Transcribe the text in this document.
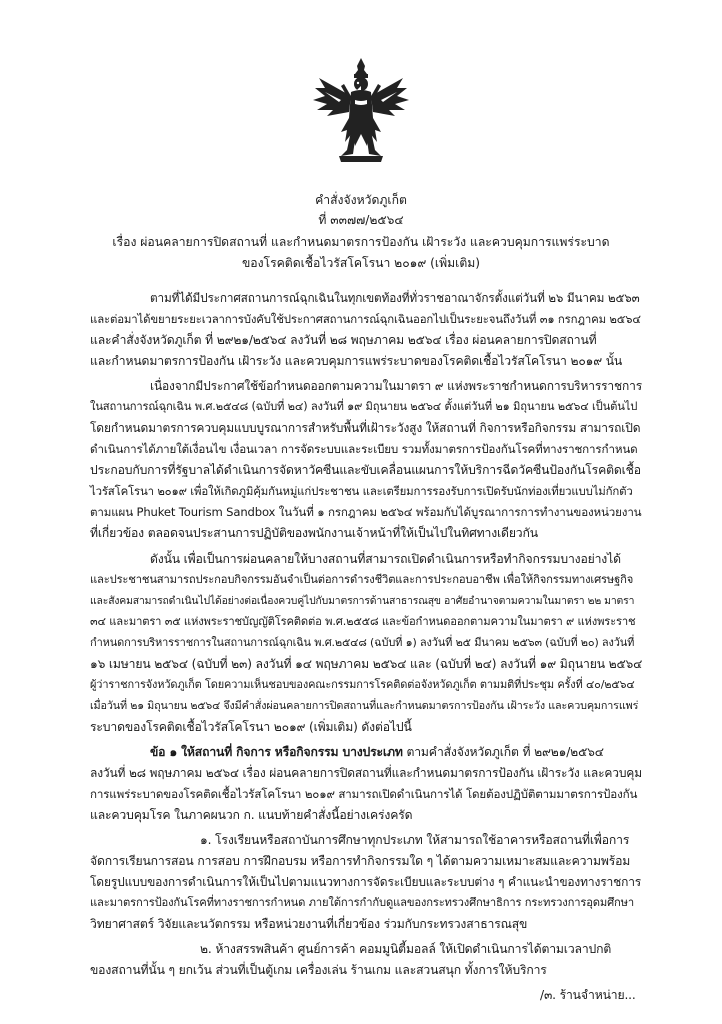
คำสั่งจังหวัดภูเก็ต
ที่ ๓๓๗๗/๒๕๖๔
เรื่อง ผ่อนคลายการปิดสถานที่ และกำหนดมาตรการป้องกัน เฝ้าระวัง และควบคุมการแพร่ระบาด
ของโรคติดเชื้อไวรัสโคโรนา ๒๐๑๙ (เพิ่มเติม)
ตามที่ได้มีประกาศสถานการณ์ฉุกเฉินในทุกเขตท้องที่ทั่วราชอาณาจักรตั้งแต่วันที่ ๒๖ มีนาคม ๒๕๖๓
และต่อมาได้ขยายระยะเวลาการบังคับใช้ประกาศสถานการณ์ฉุกเฉินออกไปเป็นระยะจนถึงวันที่ ๓๑ กรกฎาคม ๒๕๖๔
และคำสั่งจังหวัดภูเก็ต ที่ ๒๙๒๑/๒๕๖๔ ลงวันที่ ๒๘ พฤษภาคม ๒๕๖๔ เรื่อง ผ่อนคลายการปิดสถานที่
และกำหนดมาตรการป้องกัน เฝ้าระวัง และควบคุมการแพร่ระบาดของโรคติดเชื้อไวรัสโคโรนา ๒๐๑๙ นั้น
เนื่องจากมีประกาศใช้ข้อกำหนดออกตามความในมาตรา ๙ แห่งพระราชกำหนดการบริหารราชการ
ในสถานการณ์ฉุกเฉิน พ.ศ.๒๕๔๘ (ฉบับที่ ๒๔) ลงวันที่ ๑๙ มิถุนายน ๒๕๖๔ ตั้งแต่วันที่ ๒๑ มิถุนายน ๒๕๖๔ เป็นต้นไป
โดยกำหนดมาตรการควบคุมแบบบูรณาการสำหรับพื้นที่เฝ้าระวังสูง ให้สถานที่ กิจการหรือกิจกรรม สามารถเปิด
ดำเนินการได้ภายใต้เงื่อนไข เงื่อนเวลา การจัดระบบและระเบียบ รวมทั้งมาตรการป้องกันโรคที่ทางราชการกำหนด
ประกอบกับการที่รัฐบาลได้ดำเนินการจัดหาวัคซีนและขับเคลื่อนแผนการให้บริการฉีดวัคซีนป้องกันโรคติดเชื้อ
ไวรัสโคโรนา ๒๐๑๙ เพื่อให้เกิดภูมิคุ้มกันหมู่แก่ประชาชน และเตรียมการรองรับการเปิดรับนักท่องเที่ยวแบบไม่กักตัว
ตามแผน Phuket Tourism Sandbox ในวันที่ ๑ กรกฎาคม ๒๕๖๔ พร้อมกับได้บูรณาการการทำงานของหน่วยงาน
ที่เกี่ยวข้อง ตลอดจนประสานการปฏิบัติของพนักงานเจ้าหน้าที่ให้เป็นไปในทิศทางเดียวกัน
ดังนั้น เพื่อเป็นการผ่อนคลายให้บางสถานที่สามารถเปิดดำเนินการหรือทำกิจกรรมบางอย่างได้
และประชาชนสามารถประกอบกิจกรรมอันจำเป็นต่อการดำรงชีวิตและการประกอบอาชีพ เพื่อให้กิจกรรมทางเศรษฐกิจ
และสังคมสามารถดำเนินไปได้อย่างต่อเนื่องควบคู่ไปกับมาตรการด้านสาธารณสุข อาศัยอำนาจตามความในมาตรา ๒๒ มาตรา
๓๔ และมาตรา ๓๕ แห่งพระราชบัญญัติโรคติดต่อ พ.ศ.๒๕๕๘ และข้อกำหนดออกตามความในมาตรา ๙ แห่งพระราช
กำหนดการบริหารราชการในสถานการณ์ฉุกเฉิน พ.ศ.๒๕๔๘ (ฉบับที่ ๑) ลงวันที่ ๒๕ มีนาคม ๒๕๖๓ (ฉบับที่ ๒๐) ลงวันที่
๑๖ เมษายน ๒๕๖๔ (ฉบับที่ ๒๓) ลงวันที่ ๑๔ พฤษภาคม ๒๕๖๔ และ (ฉบับที่ ๒๔) ลงวันที่ ๑๙ มิถุนายน ๒๕๖๔
ผู้ว่าราชการจังหวัดภูเก็ต โดยความเห็นชอบของคณะกรรมการโรคติดต่อจังหวัดภูเก็ต ตามมติที่ประชุม ครั้งที่ ๔๐/๒๕๖๔
เมื่อวันที่ ๒๑ มิถุนายน ๒๕๖๔ จึงมีคำสั่งผ่อนคลายการปิดสถานที่และกำหนดมาตรการป้องกัน เฝ้าระวัง และควบคุมการแพร่
ระบาดของโรคติดเชื้อไวรัสโคโรนา ๒๐๑๙ (เพิ่มเติม) ดังต่อไปนี้
ข้อ ๑ ให้สถานที่ กิจการ หรือกิจกรรม บางประเภท ตามคำสั่งจังหวัดภูเก็ต ที่ ๒๙๒๑/๒๕๖๔
ลงวันที่ ๒๘ พฤษภาคม ๒๕๖๔ เรื่อง ผ่อนคลายการปิดสถานที่และกำหนดมาตรการป้องกัน เฝ้าระวัง และควบคุม
การแพร่ระบาดของโรคติดเชื้อไวรัสโคโรนา ๒๐๑๙ สามารถเปิดดำเนินการได้ โดยต้องปฏิบัติตามมาตรการป้องกัน
และควบคุมโรค ในภาคผนวก ก. แนบท้ายคำสั่งนี้อย่างเคร่งครัด
๑. โรงเรียนหรือสถาบันการศึกษาทุกประเภท ให้สามารถใช้อาคารหรือสถานที่เพื่อการ
จัดการเรียนการสอน การสอบ การฝึกอบรม หรือการทำกิจกรรมใด ๆ ได้ตามความเหมาะสมและความพร้อม
โดยรูปแบบของการดำเนินการให้เป็นไปตามแนวทางการจัดระเบียบและระบบต่าง ๆ คำแนะนำของทางราชการ
และมาตรการป้องกันโรคที่ทางราชการกำหนด ภายใต้การกำกับดูแลของกระทรวงศึกษาธิการ กระทรวงการอุดมศึกษา
วิทยาศาสตร์ วิจัยและนวัตกรรม หรือหน่วยงานที่เกี่ยวข้อง ร่วมกับกระทรวงสาธารณสุข
๒. ห้างสรรพสินค้า ศูนย์การค้า คอมมูนิตี้มอลล์ ให้เปิดดำเนินการได้ตามเวลาปกติ
ของสถานที่นั้น ๆ ยกเว้น ส่วนที่เป็นตู้เกม เครื่องเล่น ร้านเกม และสวนสนุก ทั้งการให้บริการ
/๓. ร้านจำหน่าย...
